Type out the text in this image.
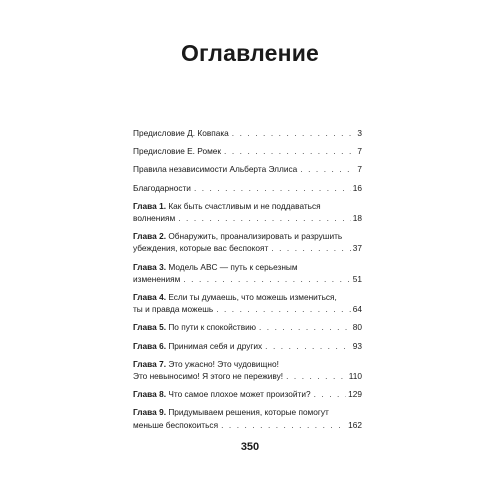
Оглавление
Предисловие Д. Ковпака . . .	3
Предисловие Е. Ромек . . .	7
Правила независимости Альберта Эллиса . . .	7
Благодарности . . .	16
Глава 1. Как быть счастливым и не поддаваться
волнениям . . .	18
Глава 2. Обнаружить, проанализировать и разрушить
убеждения, которые вас беспокоят . . .	37
Глава 3. Модель ABC — путь к серьезным
изменениям . . .	51
Глава 4. Если ты думаешь, что можешь измениться,
ты и правда можешь . . .	64
Глава 5. По пути к спокойствию . . .	80
Глава 6. Принимая себя и других . . .	93
Глава 7. Это ужасно! Это чудовищно!
Это невыносимо! Я этого не переживу! . . .	110
Глава 8. Что самое плохое может произойти? . . .	129
Глава 9. Придумываем решения, которые помогут
меньше беспокоиться . . .	162
350
